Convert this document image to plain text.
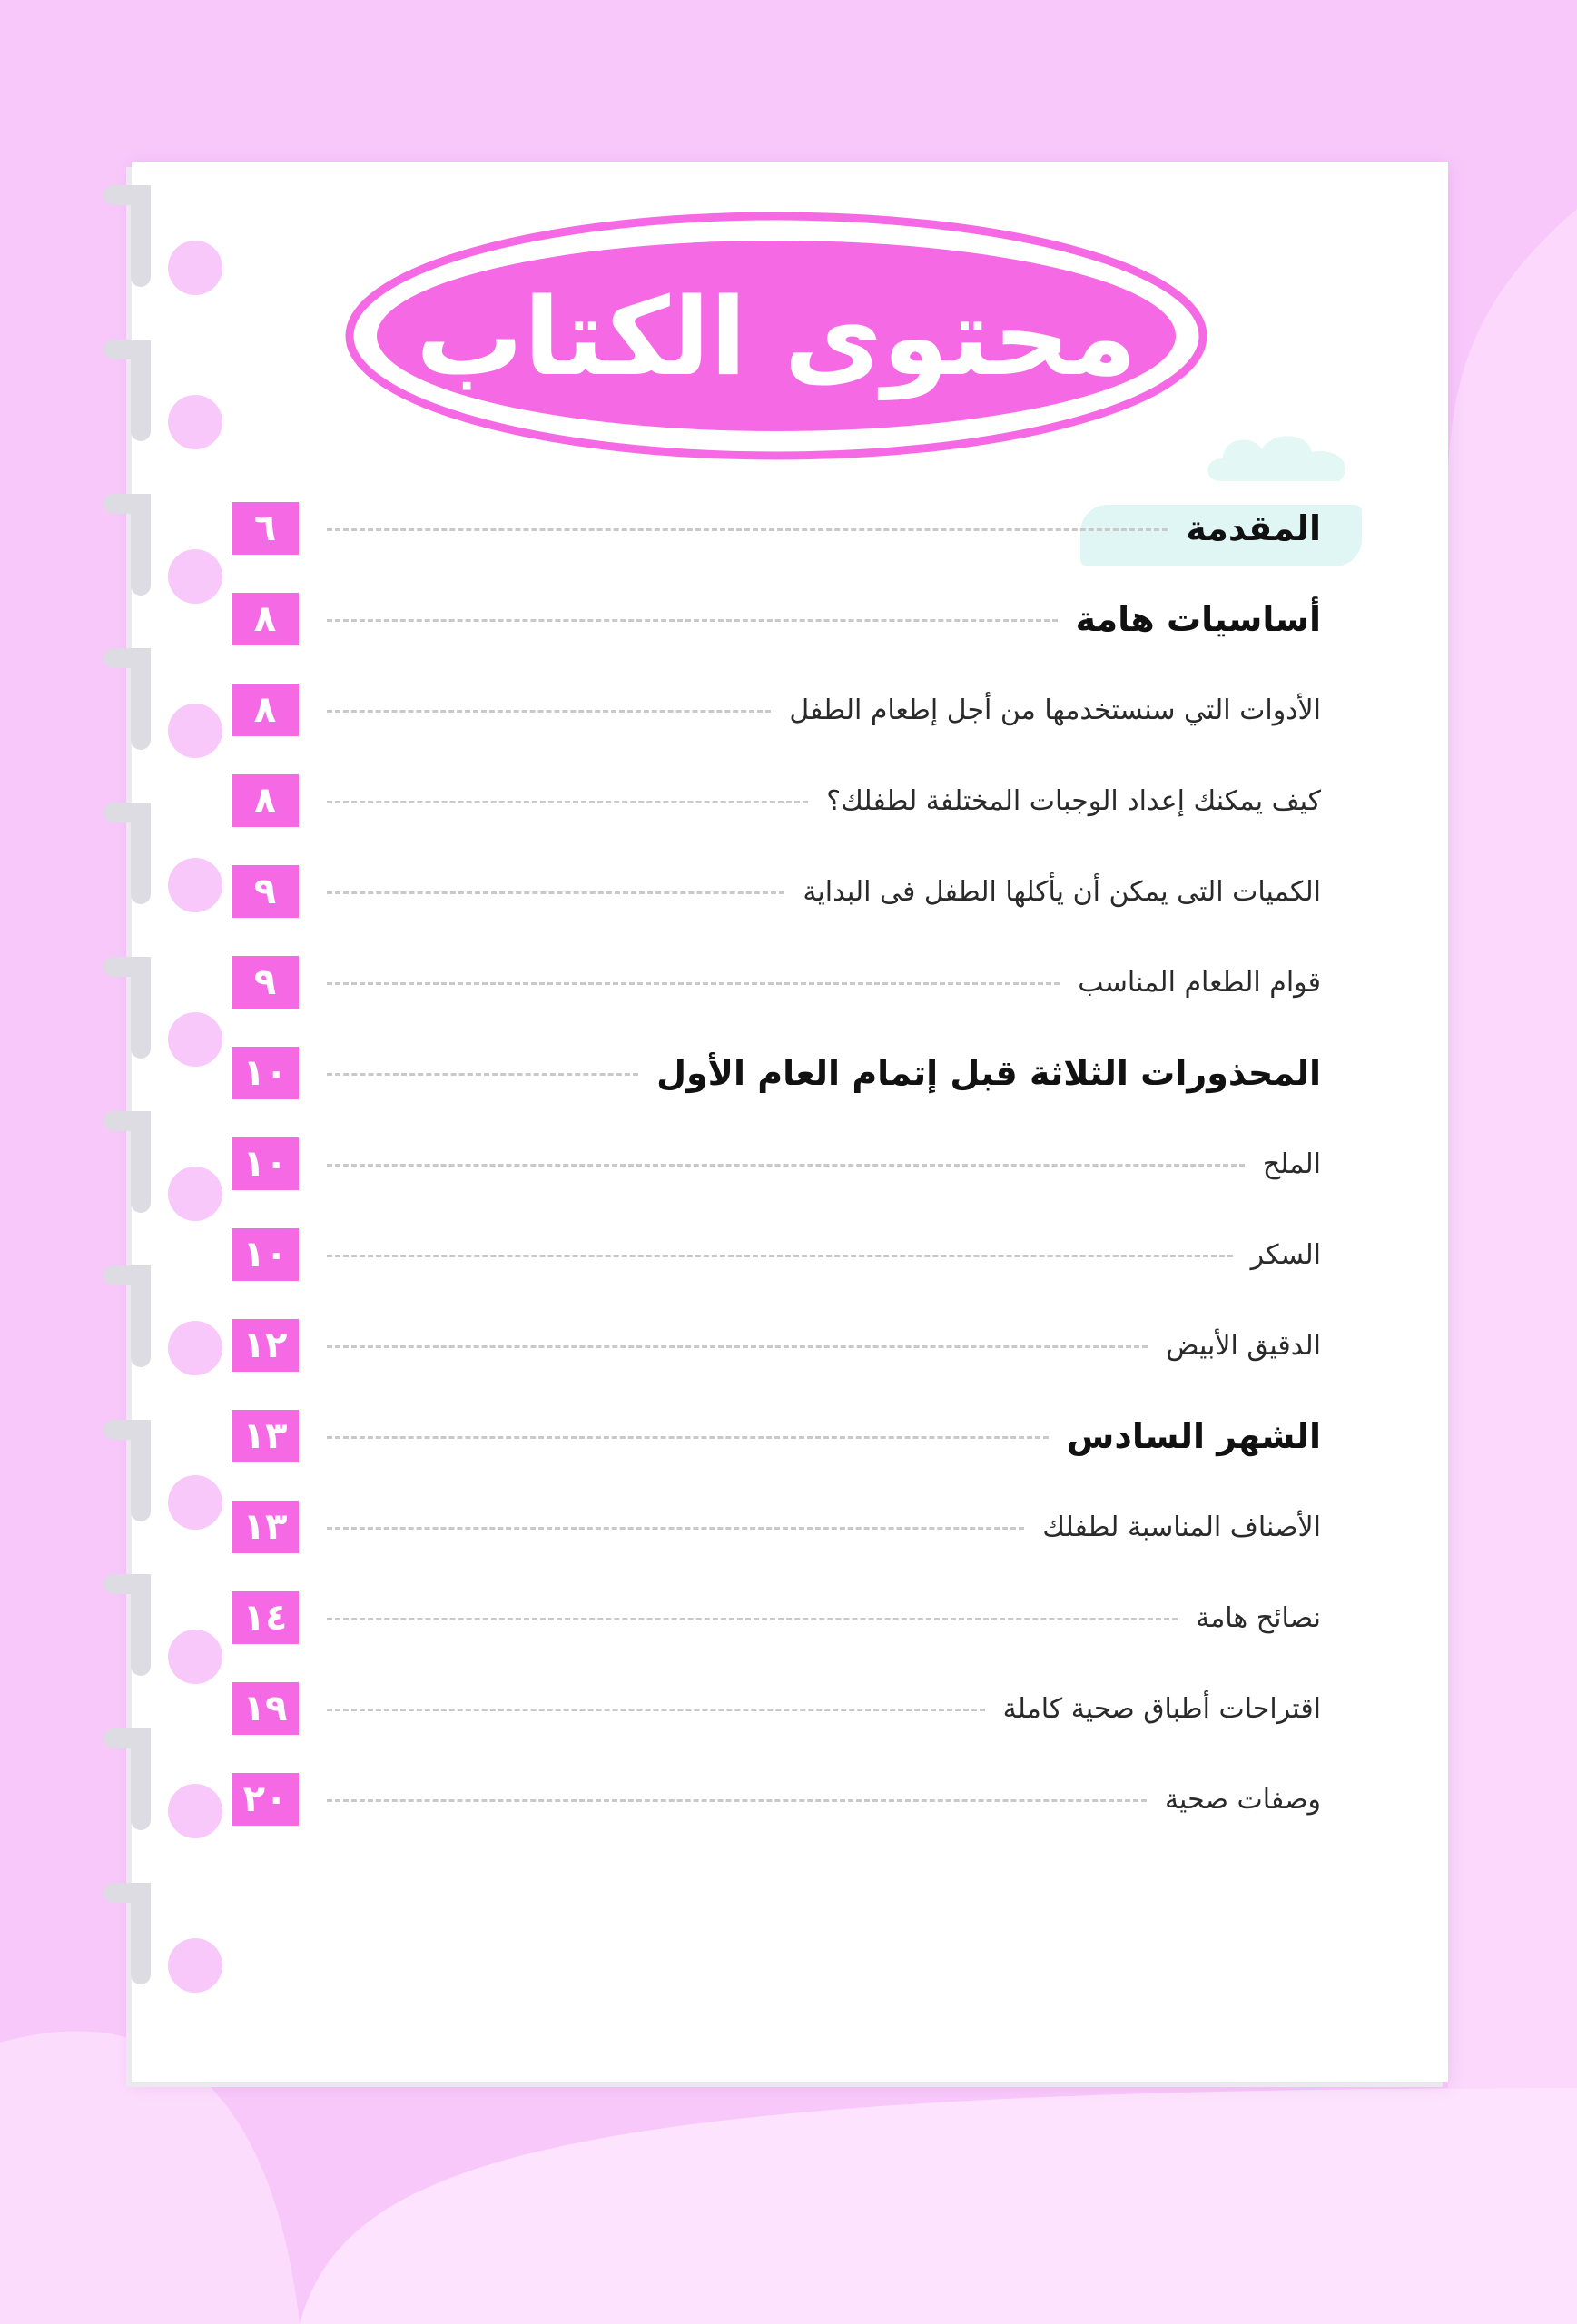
محتوى الكتاب
٦	المقدمة
٨	أساسيات هامة
٨	الأدوات التي سنستخدمها من أجل إطعام الطفل
٨	كيف يمكنك إعداد الوجبات المختلفة لطفلك؟
٩	الكميات التى يمكن أن يأكلها الطفل فى البداية
٩	قوام الطعام المناسب
١٠	المحذورات الثلاثة قبل إتمام العام الأول
١٠	الملح
١٠	السكر
١٢	الدقيق الأبيض
١٣	الشهر السادس
١٣	الأصناف المناسبة لطفلك
١٤	نصائح هامة
١٩	اقتراحات أطباق صحية كاملة
٢٠	وصفات صحية
